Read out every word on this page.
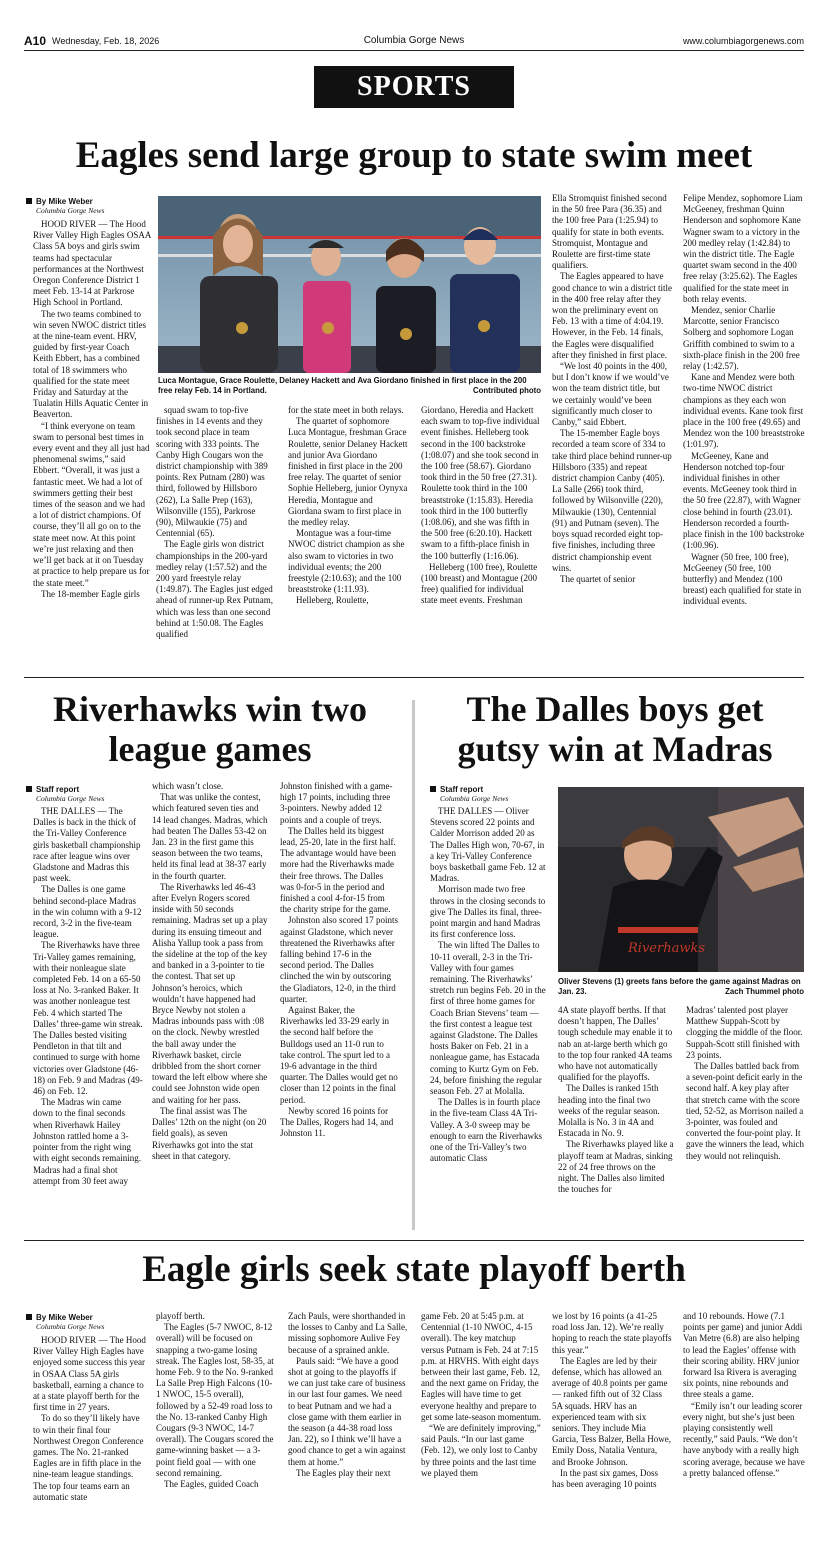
A10 Wednesday, Feb. 18, 2026	Columbia Gorge News	www.columbiagorgenews.com
SPORTS
Eagles send large group to state swim meet
By Mike Weber
Columbia Gorge News

HOOD RIVER — The Hood River Valley High Eagles OSAA Class 5A boys and girls swim teams had spectacular performances at the Northwest Oregon Conference District 1 meet Feb. 13-14 at Parkrose High School in Portland.

The two teams combined to win seven NWOC district titles at the nine-team event. HRV, guided by first-year Coach Keith Ebbert, has a combined total of 18 swimmers who qualified for the state meet Friday and Saturday at the Tualatin Hills Aquatic Center in Beaverton.

“I think everyone on team swam to personal best times in every event and they all just had phenomenal swims,” said Ebbert. “Overall, it was just a fantastic meet. We had a lot of swimmers getting their best times of the season and we had a lot of district champions. Of course, they’ll all go on to the state meet now. At this point we’re just relaxing and then we’ll get back at it on Tuesday at practice to help prepare us for the state meet.”

The 18-member Eagle girls

Luca Montague, Grace Roulette, Delaney Hackett and Ava Giordano finished in first place in the 200 free relay Feb. 14 in Portland.	Contributed photo

squad swam to top-five finishes in 14 events and they took second place in team scoring with 333 points. The Canby High Cougars won the district championship with 389 points. Rex Putnam (280) was third, followed by Hillsboro (262), La Salle Prep (163), Wilsonville (155), Parkrose (90), Milwaukie (75) and Centennial (65).

The Eagle girls won district championships in the 200-yard medley relay (1:57.52) and the 200 yard freestyle relay (1:49.87). The Eagles just edged ahead of runner-up Rex Putnam, which was less than one second behind at 1:50.08. The Eagles qualified

for the state meet in both relays.

The quartet of sophomore Luca Montague, freshman Grace Roulette, senior Delaney Hackett and junior Ava Giordano finished in first place in the 200 free relay. The quartet of senior Sophie Helleberg, junior Oynyxa Heredia, Montague and Giordana swam to first place in the medley relay.

Montague was a four-time NWOC district champion as she also swam to victories in two individual events; the 200 freestyle (2:10.63); and the 100 breaststroke (1:11.93).

Helleberg, Roulette,

Giordano, Heredia and Hackett each swam to top-five individual event finishes. Helleberg took second in the 100 backstroke (1:08.07) and she took second in the 100 free (58.67). Giordano took third in the 50 free (27.31). Roulette took third in the 100 breaststroke (1:15.83). Heredia took third in the 100 butterfly (1:08.06), and she was fifth in the 500 free (6:20.10). Hackett swam to a fifth-place finish in the 100 butterfly (1:16.06).

Helleberg (100 free), Roulette (100 breast) and Montague (200 free) qualified for individual state meet events. Freshman

Ella Stromquist finished second in the 50 free Para (36.35) and the 100 free Para (1:25.94) to qualify for state in both events. Stromquist, Montague and Roulette are first-time state qualifiers.

The Eagles appeared to have good chance to win a district title in the 400 free relay after they won the preliminary event on Feb. 13 with a time of 4:04.19. However, in the Feb. 14 finals, the Eagles were disqualified after they finished in first place.

“We lost 40 points in the 400, but I don’t know if we would’ve won the team district title, but we certainly would’ve been significantly much closer to Canby,” said Ebbert.

The 15-member Eagle boys recorded a team score of 334 to take third place behind runner-up Hillsboro (335) and repeat district champion Canby (405). La Salle (266) took third, followed by Wilsonville (220), Milwaukie (130), Centennial (91) and Putnam (seven). The boys squad recorded eight top-five finishes, including three district championship event wins.

The quartet of senior

Felipe Mendez, sophomore Liam McGeeney, freshman Quinn Henderson and sophomore Kane Wagner swam to a victory in the 200 medley relay (1:42.84) to win the district title. The Eagle quartet swam second in the 400 free relay (3:25.62). The Eagles qualified for the state meet in both relay events.

Mendez, senior Charlie Marcotte, senior Francisco Solberg and sophomore Logan Griffith combined to swim to a sixth-place finish in the 200 free relay (1:42.57).

Kane and Mendez were both two-time NWOC district champions as they each won individual events. Kane took first place in the 100 free (49.65) and Mendez won the 100 breaststroke (1:01.97).

McGeeney, Kane and Henderson notched top-four individual finishes in other events. McGeeney took third in the 50 free (22.87), with Wagner close behind in fourth (23.01). Henderson recorded a fourth-place finish in the 100 backstroke (1:00.96).

Wagner (50 free, 100 free), McGeeney (50 free, 100 butterfly) and Mendez (100 breast) each qualified for state in individual events.

Riverhawks win two league games
Staff report
Columbia Gorge News

THE DALLES — The Dalles is back in the thick of the Tri-Valley Conference girls basketball championship race after league wins over Gladstone and Madras this past week.

The Dalles is one game behind second-place Madras in the win column with a 9-12 record, 3-2 in the five-team league.

The Riverhawks have three Tri-Valley games remaining, with their nonleague slate completed Feb. 14 on a 65-50 loss at No. 3-ranked Baker. It was another nonleague test Feb. 4 which started The Dalles’ three-game win streak. The Dalles bested visiting Pendleton in that tilt and continued to surge with home victories over Gladstone (46-18) on Feb. 9 and Madras (49-46) on Feb. 12.

The Madras win came down to the final seconds when Riverhawk Hailey Johnston rattled home a 3-pointer from the right wing with eight seconds remaining. Madras had a final shot attempt from 30 feet away

which wasn’t close.

That was unlike the contest, which featured seven ties and 14 lead changes. Madras, which had beaten The Dalles 53-42 on Jan. 23 in the first game this season between the two teams, held its final lead at 38-37 early in the fourth quarter.

The Riverhawks led 46-43 after Evelyn Rogers scored inside with 50 seconds remaining. Madras set up a play during its ensuing timeout and Alisha Yallup took a pass from the sideline at the top of the key and banked in a 3-pointer to tie the contest. That set up Johnson’s heroics, which wouldn’t have happened had Bryce Newby not stolen a Madras inbounds pass with :08 on the clock. Newby wrestled the ball away under the Riverhawk basket, circle dribbled from the short corner toward the left elbow where she could see Johnston wide open and waiting for her pass.

The final assist was The Dalles’ 12th on the night (on 20 field goals), as seven Riverhawks got into the stat sheet in that category.

Johnston finished with a game-high 17 points, including three 3-pointers. Newby added 12 points and a couple of treys.

The Dalles held its biggest lead, 25-20, late in the first half. The advantage would have been more had the Riverhawks made their free throws. The Dalles was 0-for-5 in the period and finished a cool 4-for-15 from the charity stripe for the game.

Johnston also scored 17 points against Gladstone, which never threatened the Riverhawks after falling behind 17-6 in the second period. The Dalles clinched the win by outscoring the Gladiators, 12-0, in the third quarter.

Against Baker, the Riverhawks led 33-29 early in the second half before the Bulldogs used an 11-0 run to take control. The spurt led to a 19-6 advantage in the third quarter. The Dalles would get no closer than 12 points in the final period.

Newby scored 16 points for The Dalles, Rogers had 14, and Johnston 11.

The Dalles boys get gutsy win at Madras
Staff report
Columbia Gorge News

THE DALLES — Oliver Stevens scored 22 points and Calder Morrison added 20 as The Dalles High won, 70-67, in a key Tri-Valley Conference boys basketball game Feb. 12 at Madras.

Morrison made two free throws in the closing seconds to give The Dalles its final, three-point margin and hand Madras its first conference loss.

The win lifted The Dalles to 10-11 overall, 2-3 in the Tri-Valley with four games remaining. The Riverhawks’ stretch run begins Feb. 20 in the first of three home games for Coach Brian Stevens’ team — the first contest a league test against Gladstone. The Dalles hosts Baker on Feb. 21 in a nonleague game, has Estacada coming to Kurtz Gym on Feb. 24, before finishing the regular season Feb. 27 at Molalla.

The Dalles is in fourth place in the five-team Class 4A Tri-Valley. A 3-0 sweep may be enough to earn the Riverhawks one of the Tri-Valley’s two automatic Class

Riverhawks
Oliver Stevens (1) greets fans before the game against Madras on Jan. 23.	Zach Thummel photo

4A state playoff berths. If that doesn’t happen, The Dalles’ tough schedule may enable it to nab an at-large berth which go to the top four ranked 4A teams who have not automatically qualified for the playoffs.

The Dalles is ranked 15th heading into the final two weeks of the regular season. Molalla is No. 3 in 4A and Estacada in No. 9.

The Riverhawks played like a playoff team at Madras, sinking 22 of 24 free throws on the night. The Dalles also limited the touches for

Madras’ talented post player Matthew Suppah-Scott by clogging the middle of the floor. Suppah-Scott still finished with 23 points.

The Dalles battled back from a seven-point deficit early in the second half. A key play after that stretch came with the score tied, 52-52, as Morrison nailed a 3-pointer, was fouled and converted the four-point play. It gave the winners the lead, which they would not relinquish.

Eagle girls seek state playoff berth
By Mike Weber
Columbia Gorge News

HOOD RIVER — The Hood River Valley High Eagles have enjoyed some success this year in OSAA Class 5A girls basketball, earning a chance to at a state playoff berth for the first time in 27 years.

To do so they’ll likely have to win their final four Northwest Oregon Conference games. The No. 21-ranked Eagles are in fifth place in the nine-team league standings. The top four teams earn an automatic state

playoff berth.

The Eagles (5-7 NWOC, 8-12 overall) will be focused on snapping a two-game losing streak. The Eagles lost, 58-35, at home Feb. 9 to the No. 9-ranked La Salle Prep High Falcons (10-1 NWOC, 15-5 overall), followed by a 52-49 road loss to the No. 13-ranked Canby High Cougars (9-3 NWOC, 14-7 overall). The Cougars scored the game-winning basket — a 3-point field goal — with one second remaining.

The Eagles, guided Coach

Zach Pauls, were shorthanded in the losses to Canby and La Salle, missing sophomore Aulive Fey because of a sprained ankle.

Pauls said: “We have a good shot at going to the playoffs if we can just take care of business in our last four games. We need to beat Putnam and we had a close game with them earlier in the season (a 44-38 road loss Jan. 22), so I think we’ll have a good chance to get a win against them at home.”

The Eagles play their next

game Feb. 20 at 5:45 p.m. at Centennial (1-10 NWOC, 4-15 overall). The key matchup versus Putnam is Feb. 24 at 7:15 p.m. at HRVHS. With eight days between their last game, Feb. 12, and the next game on Friday, the Eagles will have time to get everyone healthy and prepare to get some late-season momentum.

“We are definitely improving,” said Pauls. “In our last game (Feb. 12), we only lost to Canby by three points and the last time we played them

we lost by 16 points (a 41-25 road loss Jan. 12). We’re really hoping to reach the state playoffs this year.”

The Eagles are led by their defense, which has allowed an average of 40.8 points per game — ranked fifth out of 32 Class 5A squads. HRV has an experienced team with six seniors. They include Mia Garcia, Tess Balzer, Bella Howe, Emily Doss, Natalia Ventura, and Brooke Johnson.

In the past six games, Doss has been averaging 10 points

and 10 rebounds. Howe (7.1 points per game) and junior Addi Van Metre (6.8) are also helping to lead the Eagles’ offense with their scoring ability. HRV junior forward Isa Rivera is averaging six points, nine rebounds and three steals a game.

“Emily isn’t our leading scorer every night, but she’s just been playing consistently well recently,” said Pauls. “We don’t have anybody with a really high scoring average, because we have a pretty balanced offense.”
